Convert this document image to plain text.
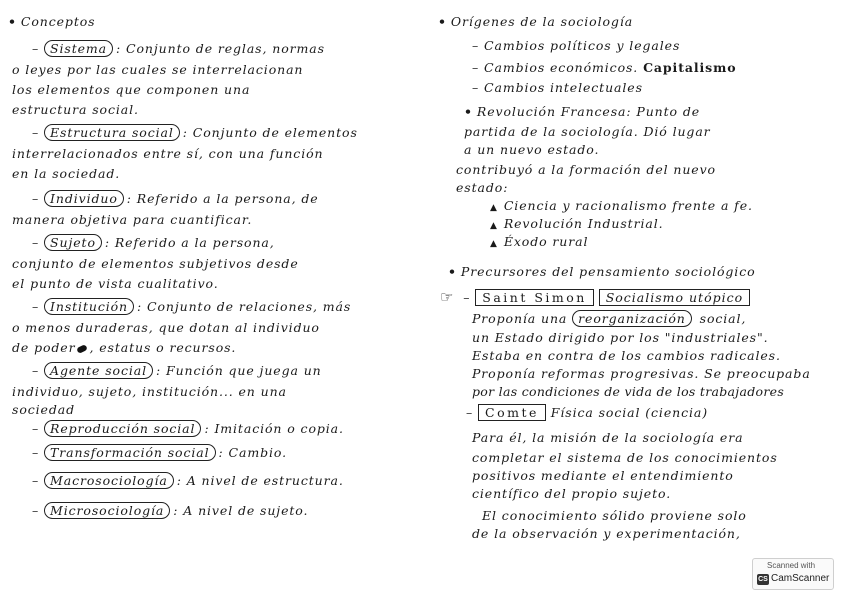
• Conceptos
– Sistema : Conjunto de reglas, normas
o leyes por las cuales se interrelacionan
los elementos que componen una
estructura social.
– Estructura social : Conjunto de elementos
interrelacionados entre sí, con una función
en la sociedad.
– Individuo : Referido a la persona, de
manera objetiva para cuantificar.
– Sujeto : Referido a la persona,
conjunto de elementos subjetivos desde
el punto de vista cualitativo.
– Institución : Conjunto de relaciones, más
o menos duraderas, que dotan al individuo
de poder , estatus o recursos.
– Agente social : Función que juega un
individuo, sujeto, institución... en una
sociedad
– Reproducción social : Imitación o copia.
– Transformación social : Cambio.
– Macrosociología : A nivel de estructura.
– Microsociología : A nivel de sujeto.
• Orígenes de la sociología
– Cambios políticos y legales
– Cambios económicos. Capitalismo
– Cambios intelectuales
• Revolución Francesa: Punto de
partida de la sociología. Dió lugar
a un nuevo estado.
contribuyó a la formación del nuevo
estado:
▲ Ciencia y racionalismo frente a fe.
▲ Revolución Industrial.
▲ Éxodo rural
• Precursores del pensamiento sociológico
☞ – Saint Simon Socialismo utópico
Proponía una reorganización social,
un Estado dirigido por los "industriales".
Estaba en contra de los cambios radicales.
Proponía reformas progresivas. Se preocupaba
por las condiciones de vida de los trabajadores
– Comte Física social (ciencia)
Para él, la misión de la sociología era
completar el sistema de los conocimientos
positivos mediante el entendimiento
científico del propio sujeto.
El conocimiento sólido proviene solo
de la observación y experimentación,
Scanned with
CS CamScanner
